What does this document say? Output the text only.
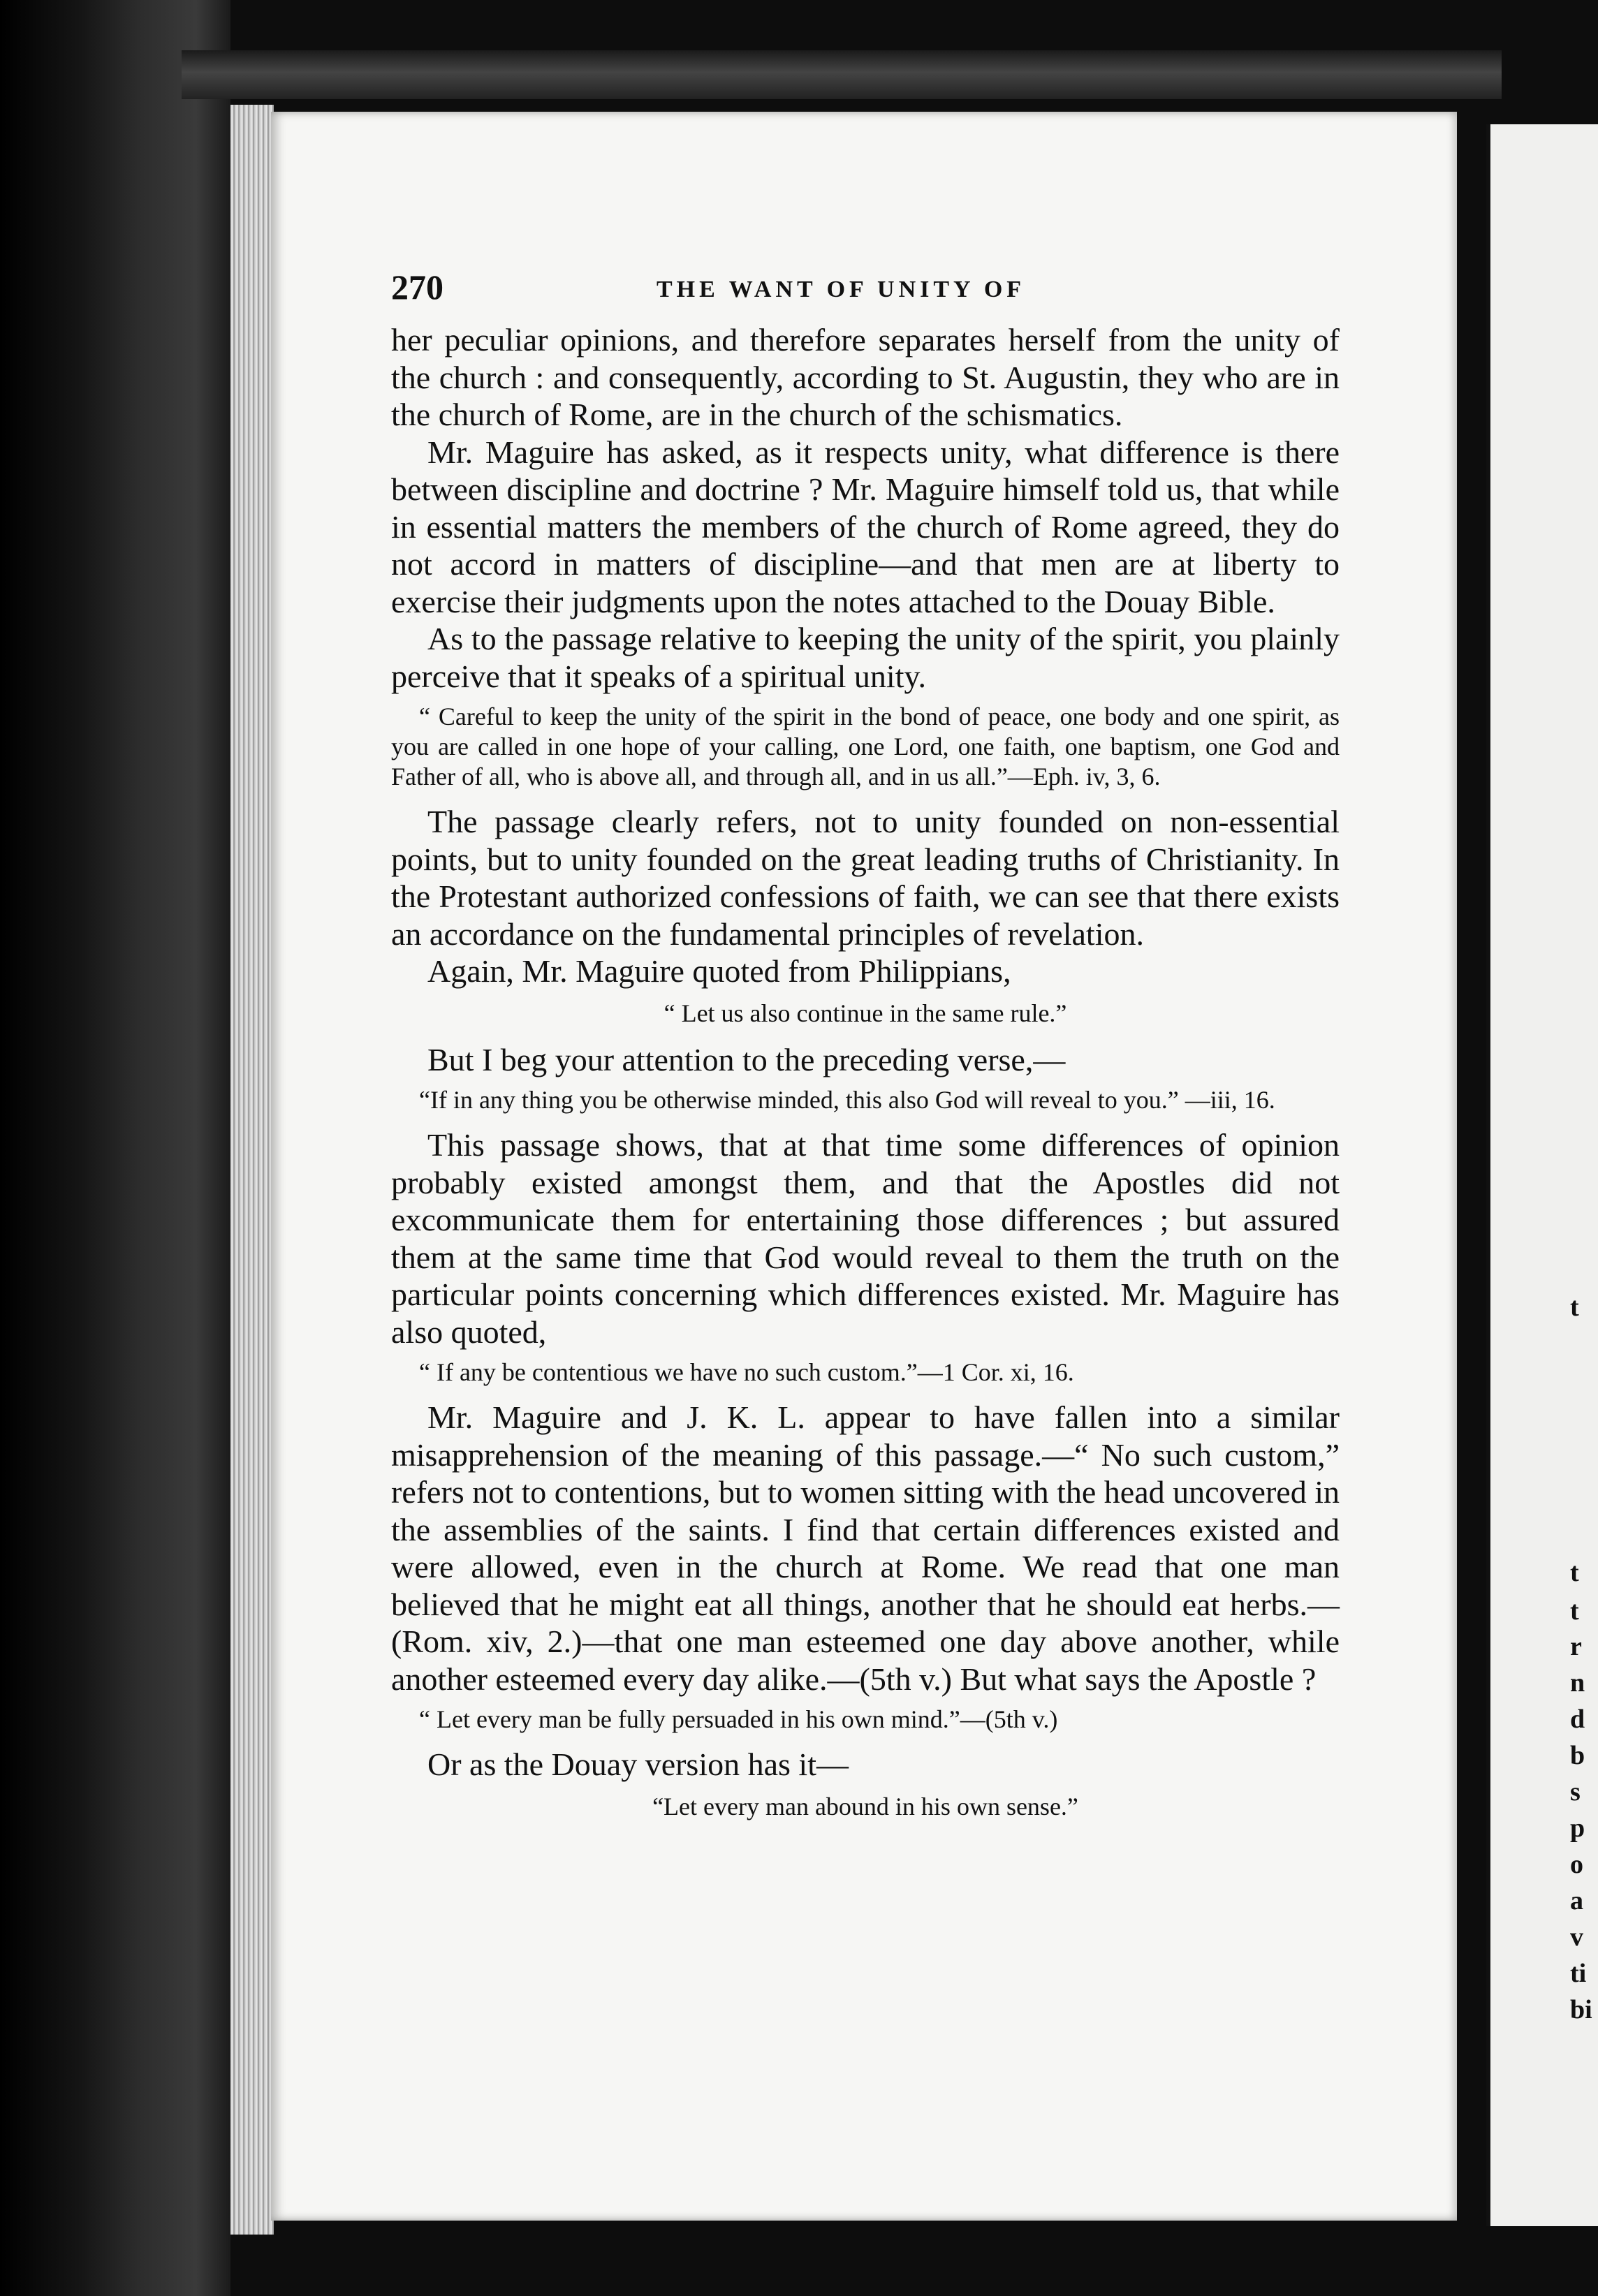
270	THE WANT OF UNITY OF

her peculiar opinions, and therefore separates herself from the unity of the church : and consequently, according to St. Augustin, they who are in the church of Rome, are in the church of the schismatics.

Mr. Maguire has asked, as it respects unity, what difference is there between discipline and doctrine ? Mr. Maguire himself told us, that while in essential matters the members of the church of Rome agreed, they do not accord in matters of discipline—and that men are at liberty to exercise their judgments upon the notes attached to the Douay Bible.

As to the passage relative to keeping the unity of the spirit, you plainly perceive that it speaks of a spiritual unity.

“ Careful to keep the unity of the spirit in the bond of peace, one body and one spirit, as you are called in one hope of your calling, one Lord, one faith, one baptism, one God and Father of all, who is above all, and through all, and in us all.”—Eph. iv, 3, 6.

The passage clearly refers, not to unity founded on non-essential points, but to unity founded on the great leading truths of Christianity. In the Protestant authorized confessions of faith, we can see that there exists an accordance on the fundamental principles of revelation.

Again, Mr. Maguire quoted from Philippians,

“ Let us also continue in the same rule.”

But I beg your attention to the preceding verse,—

“If in any thing you be otherwise minded, this also God will reveal to you.” —iii, 16.

This passage shows, that at that time some differences of opinion probably existed amongst them, and that the Apostles did not excommunicate them for entertaining those differences ; but assured them at the same time that God would reveal to them the truth on the particular points concerning which differences existed. Mr. Maguire has also quoted,

“ If any be contentious we have no such custom.”—1 Cor. xi, 16.

Mr. Maguire and J. K. L. appear to have fallen into a similar misapprehension of the meaning of this passage.—“ No such custom,” refers not to contentions, but to women sitting with the head uncovered in the assemblies of the saints. I find that certain differences existed and were allowed, even in the church at Rome. We read that one man believed that he might eat all things, another that he should eat herbs.—(Rom. xiv, 2.)—that one man esteemed one day above another, while another esteemed every day alike.—(5th v.) But what says the Apostle ?

“ Let every man be fully persuaded in his own mind.”—(5th v.)

Or as the Douay version has it—

“Let every man abound in his own sense.”

t
t
t
r
n
d
b
s
p
o
a
v
ti
bi
